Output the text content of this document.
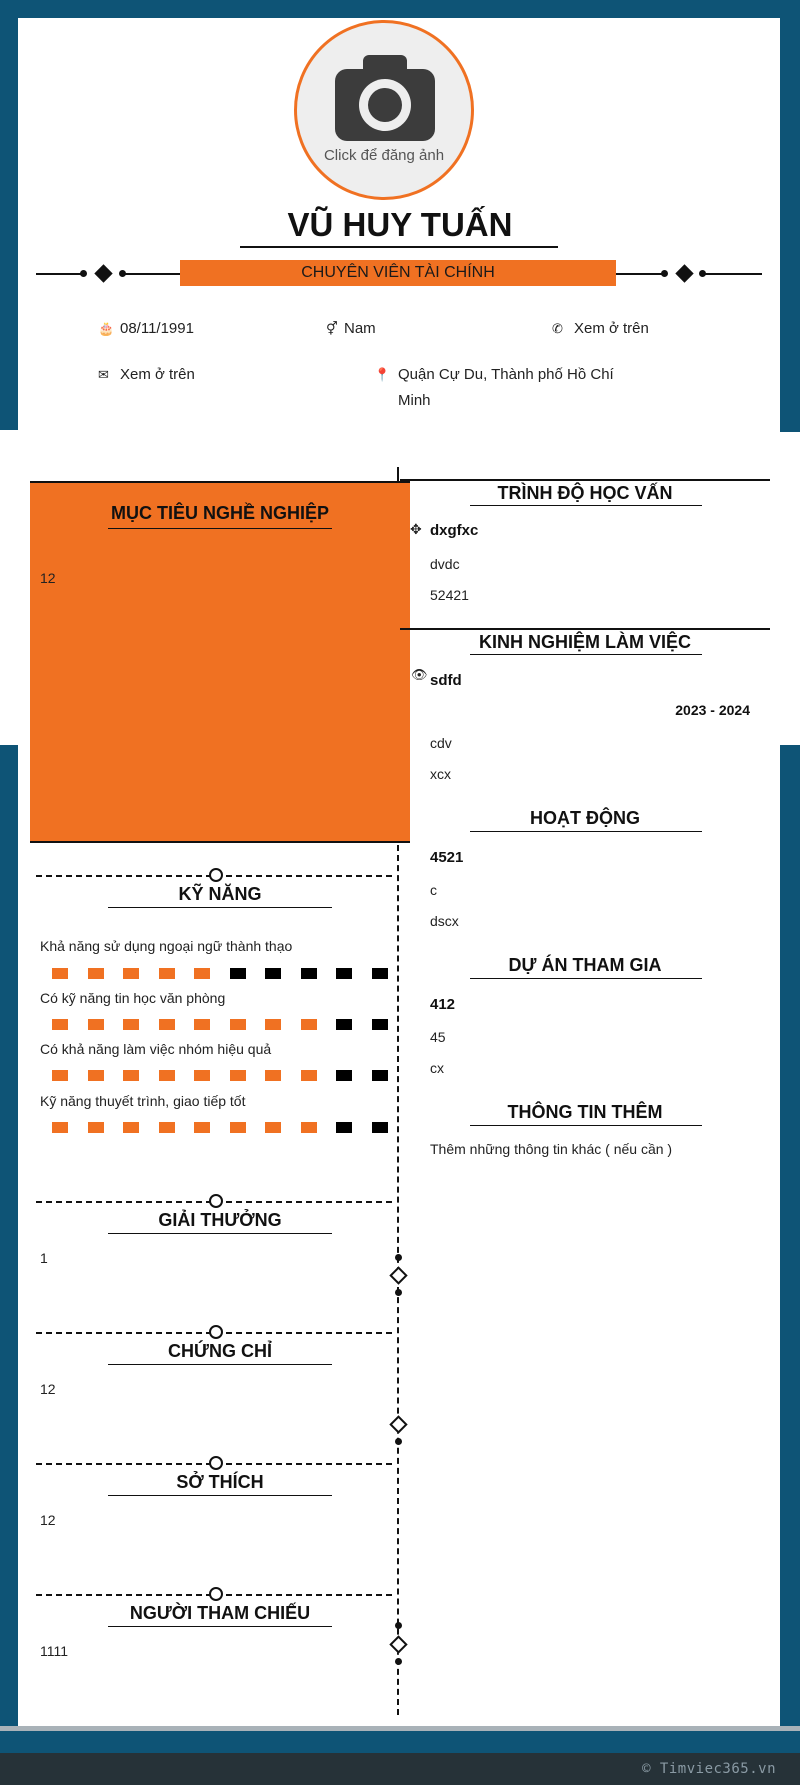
Click để đăng ảnh
VŨ HUY TUẤN
CHUYÊN VIÊN TÀI CHÍNH
🎂 08/11/1991	⚥ Nam	✆ Xem ở trên
✉ Xem ở trên	📍 Quận Cự Du, Thành phố Hồ Chí Minh
MỤC TIÊU NGHỀ NGHIỆP
12
KỸ NĂNG
Khả năng sử dụng ngoại ngữ thành thạo
Có kỹ năng tin học văn phòng
Có khả năng làm việc nhóm hiệu quả
Kỹ năng thuyết trình, giao tiếp tốt
GIẢI THƯỞNG
1
CHỨNG CHỈ
12
SỞ THÍCH
12
NGƯỜI THAM CHIẾU
1111
TRÌNH ĐỘ HỌC VẤN
✥ dxgfxc
dvdc
52421
KINH NGHIỆM LÀM VIỆC
👁 sdfd
2023 - 2024
cdv
xcx
HOẠT ĐỘNG
4521
c
dscx
DỰ ÁN THAM GIA
412
45
cx
THÔNG TIN THÊM
Thêm những thông tin khác ( nếu cần )
© Timviec365.vn
